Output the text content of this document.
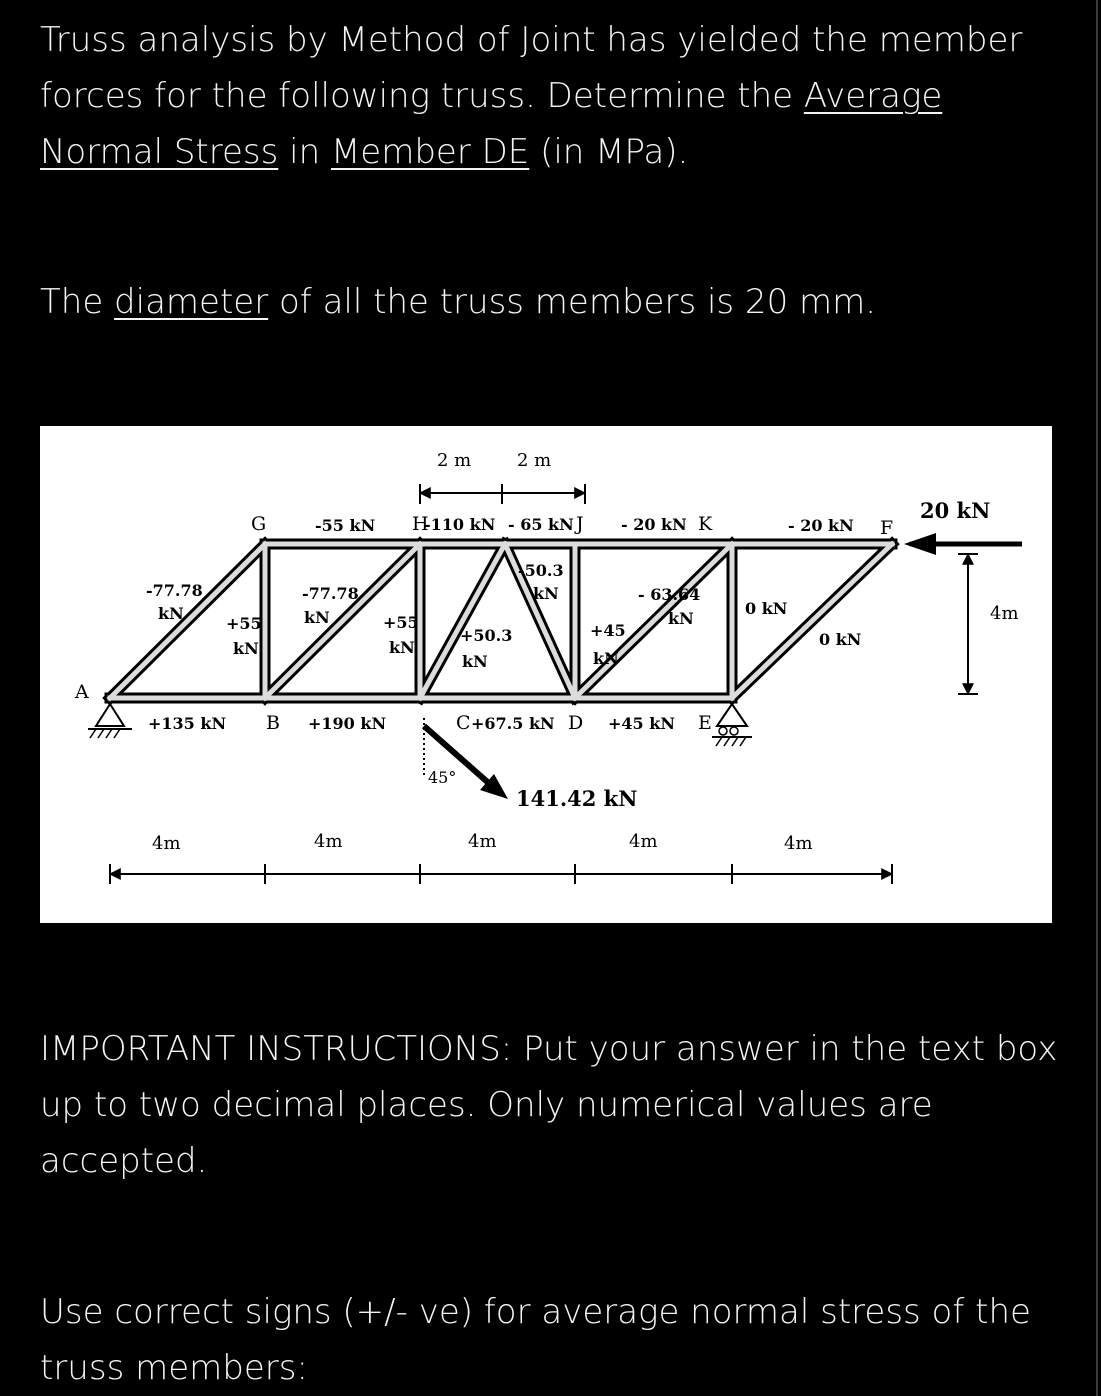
Truss analysis by Method of Joint has yielded the member forces for the following truss. Determine the Average Normal Stress in Member DE (in MPa).
The diameter of all the truss members is 20 mm.
A
B	C	D	E
F
G	H	J	K
2 m	2 m
4m	4m	4m	4m	4m
4m
-55 kN	-110 kN - 65 kN	- 20 kN	- 20 kN
-77.78
kN
+55
kN
-77.78
kN	+55
kN
+50.3
kN
-50.3
kN
+45
kN
- 63.64
kN
0 kN
0 kN
+135 kN	+190 kN	+67.5 kN	+45 kN
20 kN
141.42 kN
45°
IMPORTANT INSTRUCTIONS: Put your answer in the text box up to two decimal places. Only numerical values are accepted.
Use correct signs (+/- ve) for average normal stress of the truss members:
